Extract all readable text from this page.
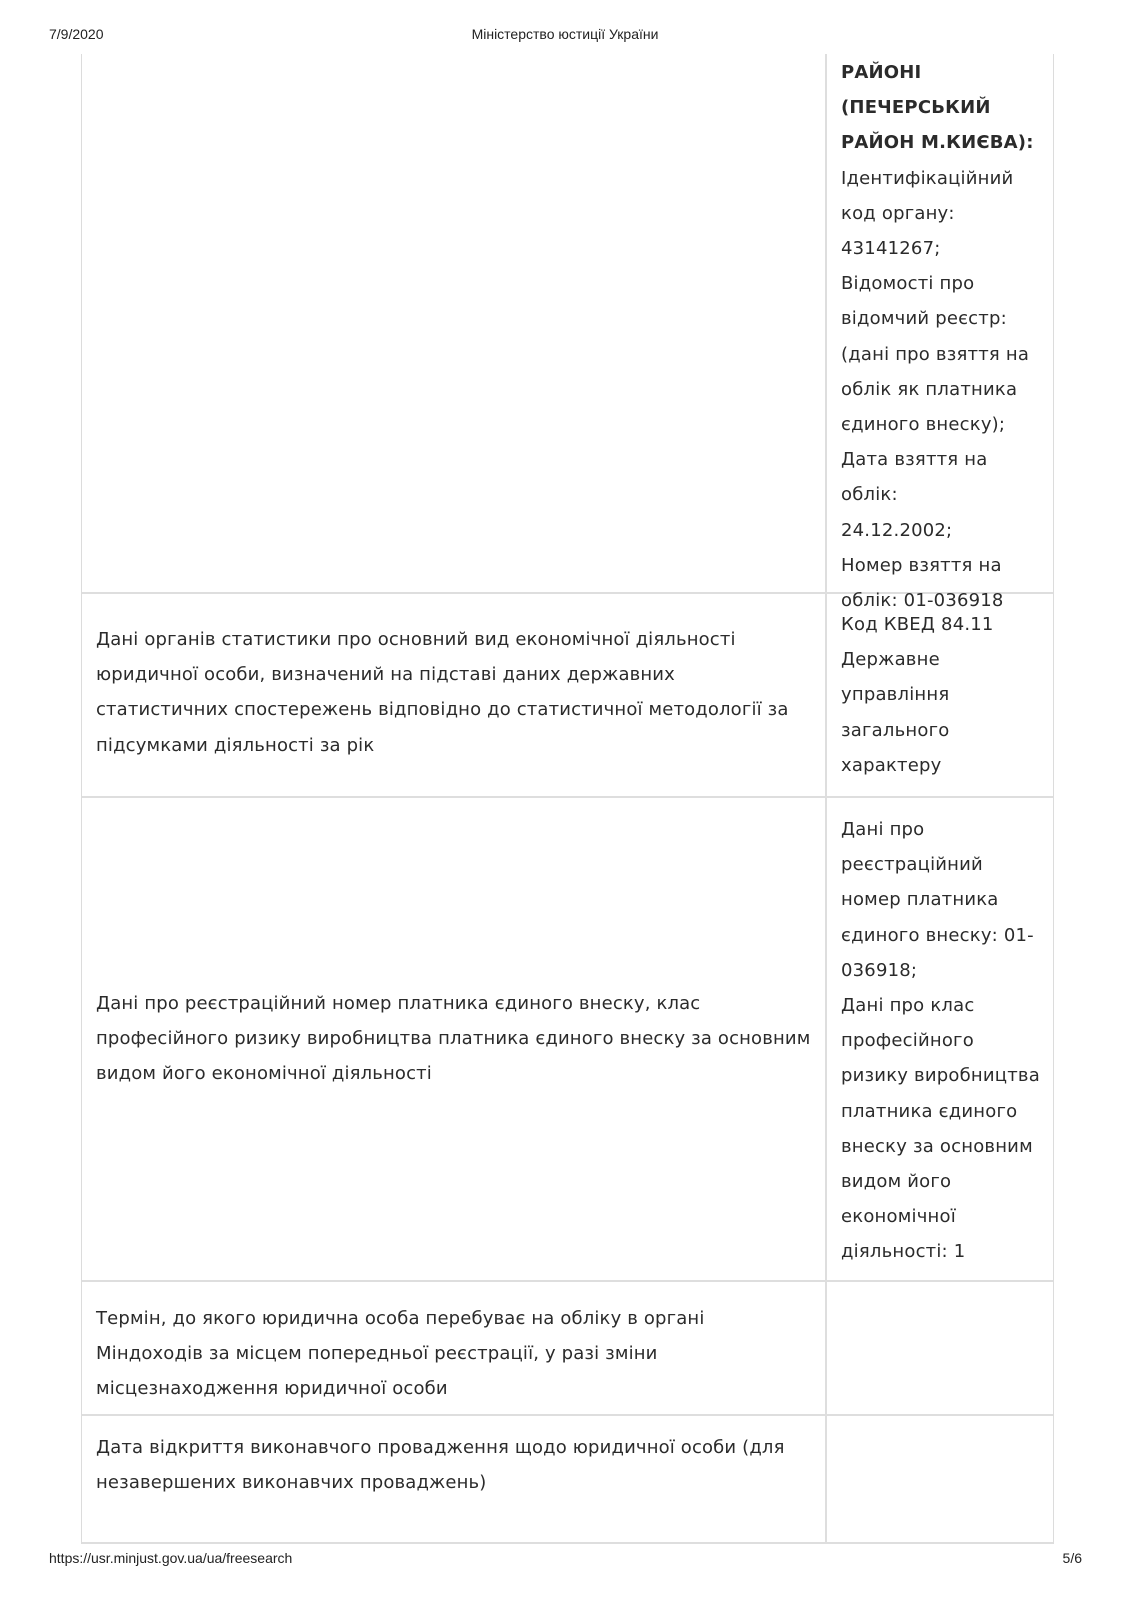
7/9/2020	Міністерство юстиції України
РАЙОНІ
(ПЕЧЕРСЬКИЙ
РАЙОН М.КИЄВА):
Ідентифікаційний
код органу:
43141267;
Відомості про
відомчий реєстр:
(дані про взяття на
облік як платника
єдиного внеску);
Дата взяття на облік:
24.12.2002;
Номер взяття на
облік: 01-036918
Дані органів статистики про основний вид економічної діяльності юридичної особи, визначений на підставі даних державних статистичних спостережень відповідно до статистичної методології за підсумками діяльності за рік
Код КВЕД 84.11
Державне
управління
загального
характеру
Дані про реєстраційний номер платника єдиного внеску, клас професійного ризику виробництва платника єдиного внеску за основним видом його економічної діяльності
Дані про
реєстраційний
номер платника
єдиного внеску: 01-
036918;
Дані про клас
професійного
ризику виробництва
платника єдиного
внеску за основним
видом його
економічної
діяльності: 1
Термін, до якого юридична особа перебуває на обліку в органі Міндоходів за місцем попередньої реєстрації, у разі зміни місцезнаходження юридичної особи
Дата відкриття виконавчого провадження щодо юридичної особи (для незавершених виконавчих проваджень)
https://usr.minjust.gov.ua/ua/freesearch	5/6
